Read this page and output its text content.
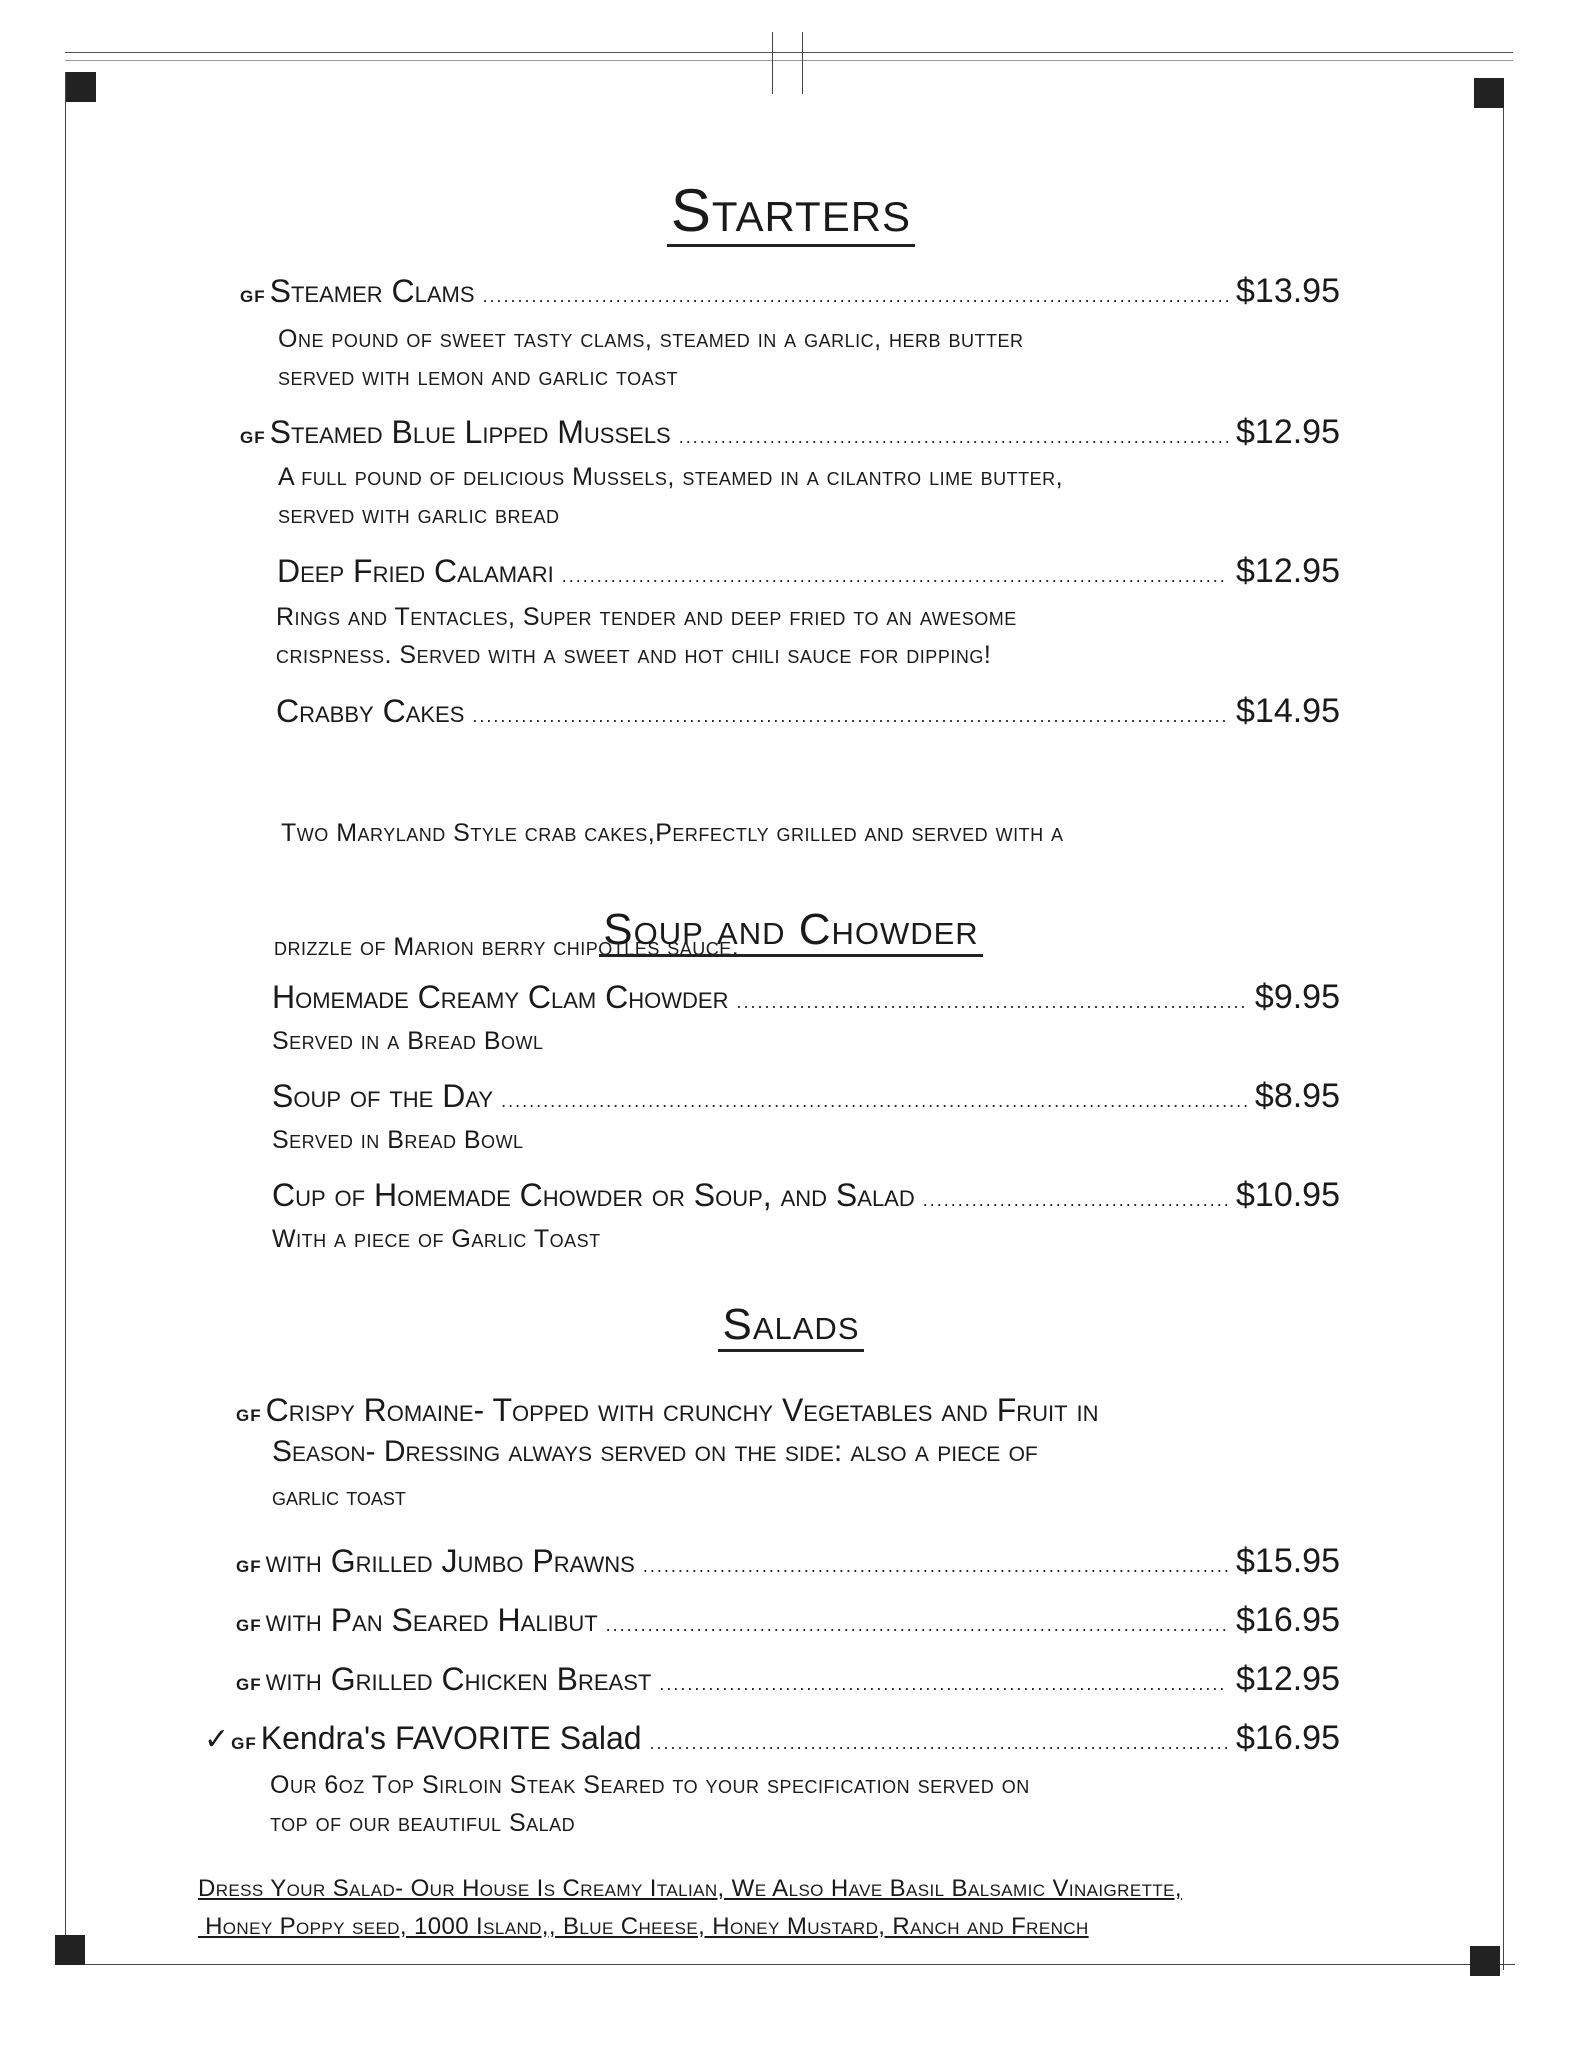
Starters
GF Steamer Clams .....	$13.95
One pound of sweet tasty clams, steamed in a garlic, herb butter
served with lemon and garlic toast
GF Steamed Blue Lipped Mussels .....	$12.95
A full pound of delicious Mussels, steamed in a cilantro lime butter,
served with garlic bread
Deep Fried Calamari .....	$12.95
Rings and Tentacles, Super tender and deep fried to an awesome
crispness. Served with a sweet and hot chili sauce for dipping!
Crabby Cakes .....	$14.95

Two Maryland Style crab cakes,Perfectly grilled and served with a

drizzle of Marion berry chipotles sauce.

Soup and Chowder
Homemade Creamy Clam Chowder .....	$9.95
Served in a Bread Bowl
Soup of the Day .....	$8.95
Served in Bread Bowl
Cup of Homemade Chowder or Soup, and Salad .....	$10.95
With a piece of Garlic Toast
Salads
GF Crispy Romaine- Topped with crunchy Vegetables and Fruit in
Season- Dressing always served on the side: also a piece of
garlic toast
GF with Grilled Jumbo Prawns .....	$15.95
GF with Pan Seared Halibut .....	$16.95
GF with Grilled Chicken Breast .....	$12.95
✓ GF Kendra's FAVORITE Salad .....	$16.95
Our 6oz Top Sirloin Steak Seared to your specification served on
top of our beautiful Salad
Dress Your Salad- Our House Is Creamy Italian, We Also Have Basil Balsamic Vinaigrette,
Honey Poppy seed, 1000 Island,, Blue Cheese, Honey Mustard, Ranch and French
